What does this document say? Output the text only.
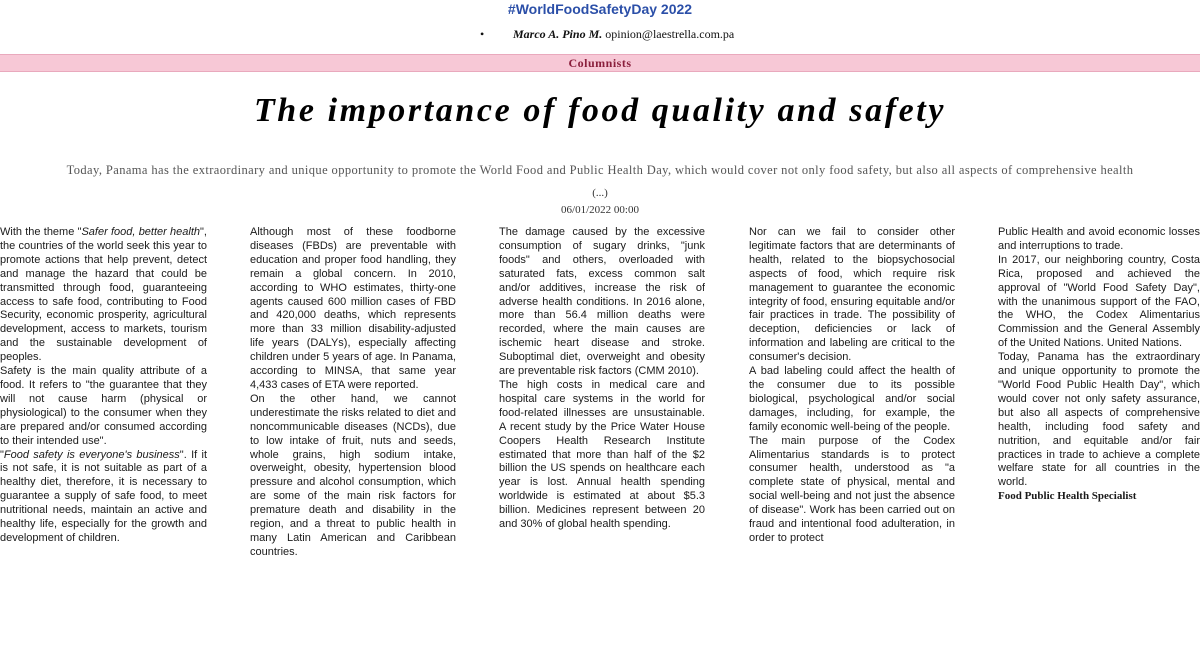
#WorldFoodSafetyDay 2022
• Marco A. Pino M. opinion@laestrella.com.pa
Columnists
The importance of food quality and safety
Today, Panama has the extraordinary and unique opportunity to promote the World Food and Public Health Day, which would cover not only food safety, but also all aspects of comprehensive health
(...)
06/01/2022 00:00

With the theme "Safer food, better health", the countries of the world seek this year to promote actions that help prevent, detect and manage the hazard that could be transmitted through food, guaranteeing access to safe food, contributing to Food Security, economic prosperity, agricultural development, access to markets, tourism and the sustainable development of peoples.

Safety is the main quality attribute of a food. It refers to "the guarantee that they will not cause harm (physical or physiological) to the consumer when they are prepared and/or consumed according to their intended use".

"Food safety is everyone's business". If it is not safe, it is not suitable as part of a healthy diet, therefore, it is necessary to guarantee a supply of safe food, to meet nutritional needs, maintain an active and healthy life, especially for the growth and development of children.

Although most of these foodborne diseases (FBDs) are preventable with education and proper food handling, they remain a global concern. In 2010, according to WHO estimates, thirty-one agents caused 600 million cases of FBD and 420,000 deaths, which represents more than 33 million disability-adjusted life years (DALYs), especially affecting children under 5 years of age. In Panama, according to MINSA, that same year 4,433 cases of ETA were reported.

On the other hand, we cannot underestimate the risks related to diet and noncommunicable diseases (NCDs), due to low intake of fruit, nuts and seeds, whole grains, high sodium intake, overweight, obesity, hypertension blood pressure and alcohol consumption, which are some of the main risk factors for premature death and disability in the region, and a threat to public health in many Latin American and Caribbean countries.

The damage caused by the excessive consumption of sugary drinks, "junk foods" and others, overloaded with saturated fats, excess common salt and/or additives, increase the risk of adverse health conditions. In 2016 alone, more than 56.4 million deaths were recorded, where the main causes are ischemic heart disease and stroke. Suboptimal diet, overweight and obesity are preventable risk factors (CMM 2010).

The high costs in medical care and hospital care systems in the world for food-related illnesses are unsustainable. A recent study by the Price Water House Coopers Health Research Institute estimated that more than half of the $2 billion the US spends on healthcare each year is lost. Annual health spending worldwide is estimated at about $5.3 billion. Medicines represent between 20 and 30% of global health spending.

Nor can we fail to consider other legitimate factors that are determinants of health, related to the biopsychosocial aspects of food, which require risk management to guarantee the economic integrity of food, ensuring equitable and/or fair practices in trade. The possibility of deception, deficiencies or lack of information and labeling are critical to the consumer's decision.

A bad labeling could affect the health of the consumer due to its possible biological, psychological and/or social damages, including, for example, the family economic well-being of the people.

The main purpose of the Codex Alimentarius standards is to protect consumer health, understood as "a complete state of physical, mental and social well-being and not just the absence of disease". Work has been carried out on fraud and intentional food adulteration, in order to protect

Public Health and avoid economic losses and interruptions to trade.

In 2017, our neighboring country, Costa Rica, proposed and achieved the approval of "World Food Safety Day", with the unanimous support of the FAO, the WHO, the Codex Alimentarius Commission and the General Assembly of the United Nations. United Nations.

Today, Panama has the extraordinary and unique opportunity to promote the "World Food Public Health Day", which would cover not only safety assurance, but also all aspects of comprehensive health, including food safety and nutrition, and equitable and/or fair practices in trade to achieve a complete welfare state for all countries in the world.

Food Public Health Specialist
